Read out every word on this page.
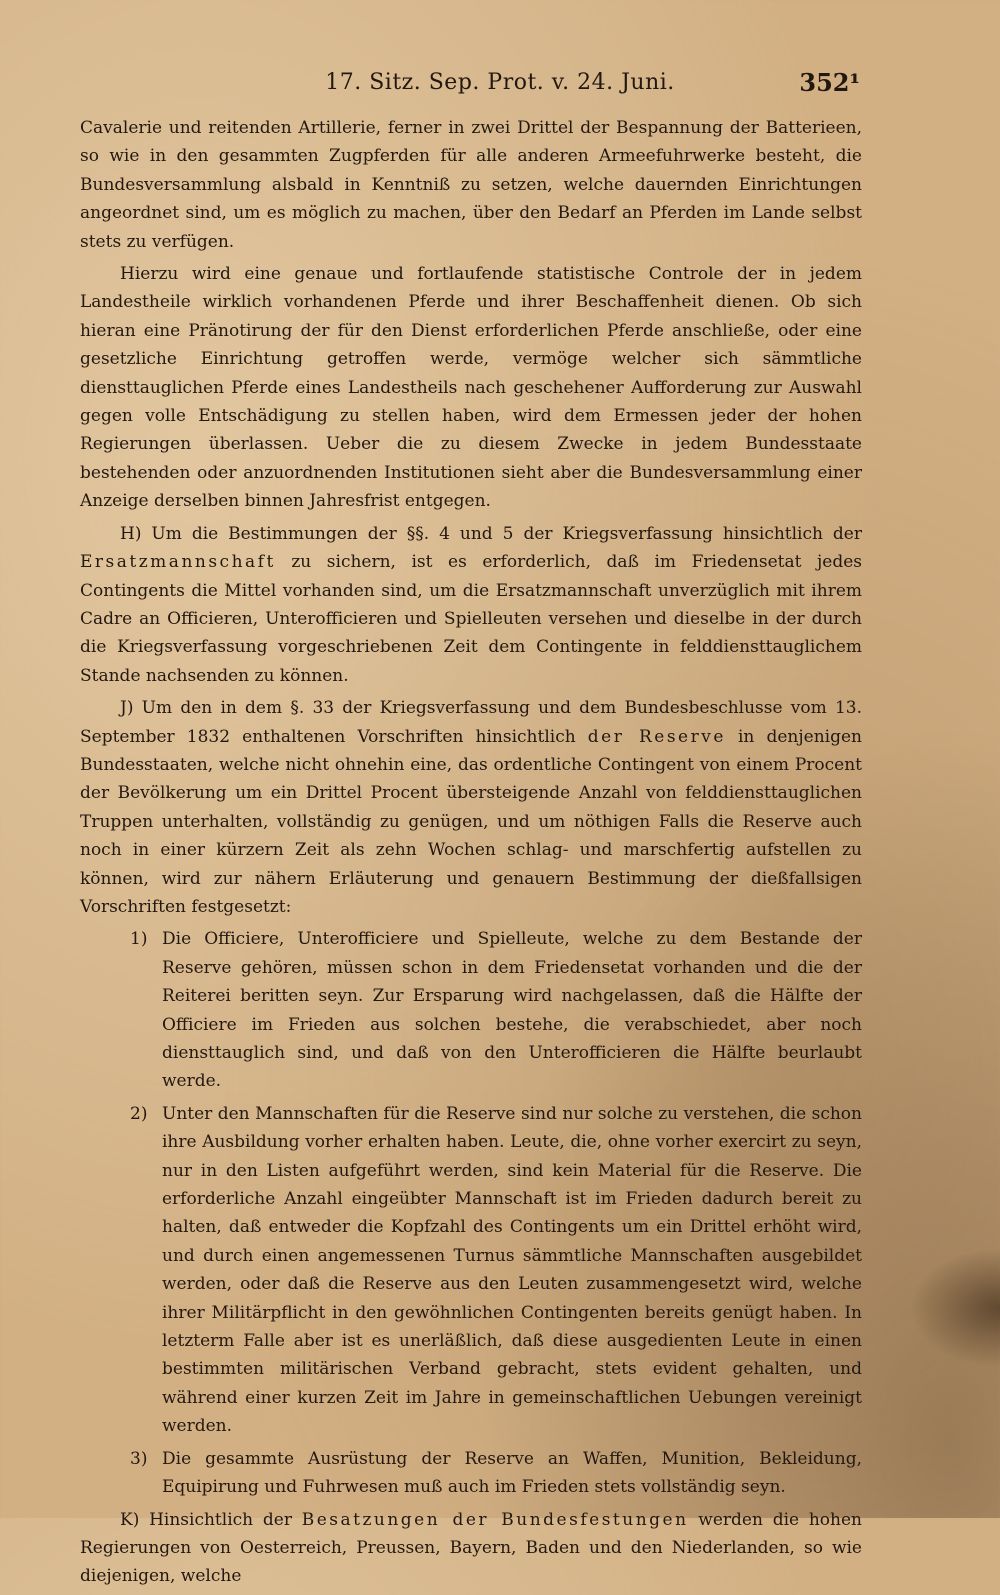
17. Sitz. Sep. Prot. v. 24. Juni.	352¹

Cavalerie und reitenden Artillerie, ferner in zwei Drittel der Bespannung der Batterieen, so wie in den gesammten Zugpferden für alle anderen Armeefuhrwerke besteht, die Bundesversammlung alsbald in Kenntniß zu setzen, welche dauernden Einrichtungen angeordnet sind, um es möglich zu machen, über den Bedarf an Pferden im Lande selbst stets zu verfügen.

Hierzu wird eine genaue und fortlaufende statistische Controle der in jedem Landestheile wirklich vorhandenen Pferde und ihrer Beschaffenheit dienen. Ob sich hieran eine Pränotirung der für den Dienst erforderlichen Pferde anschließe, oder eine gesetzliche Einrichtung getroffen werde, vermöge welcher sich sämmtliche diensttauglichen Pferde eines Landestheils nach geschehener Aufforderung zur Auswahl gegen volle Entschädigung zu stellen haben, wird dem Ermessen jeder der hohen Regierungen überlassen. Ueber die zu diesem Zwecke in jedem Bundesstaate bestehenden oder anzuordnenden Institutionen sieht aber die Bundesversammlung einer Anzeige derselben binnen Jahresfrist entgegen.

H) Um die Bestimmungen der §§. 4 und 5 der Kriegsverfassung hinsichtlich der Ersatzmannschaft zu sichern, ist es erforderlich, daß im Friedensetat jedes Contingents die Mittel vorhanden sind, um die Ersatzmannschaft unverzüglich mit ihrem Cadre an Officieren, Unterofficieren und Spielleuten versehen und dieselbe in der durch die Kriegsverfassung vorgeschriebenen Zeit dem Contingente in felddiensttauglichem Stande nachsenden zu können.

J) Um den in dem §. 33 der Kriegsverfassung und dem Bundesbeschlusse vom 13. September 1832 enthaltenen Vorschriften hinsichtlich der Reserve in denjenigen Bundesstaaten, welche nicht ohnehin eine, das ordentliche Contingent von einem Procent der Bevölkerung um ein Drittel Procent übersteigende Anzahl von felddiensttauglichen Truppen unterhalten, vollständig zu genügen, und um nöthigen Falls die Reserve auch noch in einer kürzern Zeit als zehn Wochen schlag- und marschfertig aufstellen zu können, wird zur nähern Erläuterung und genauern Bestimmung der dießfallsigen Vorschriften festgesetzt:

1) Die Officiere, Unterofficiere und Spielleute, welche zu dem Bestande der Reserve gehören, müssen schon in dem Friedensetat vorhanden und die der Reiterei beritten seyn. Zur Ersparung wird nachgelassen, daß die Hälfte der Officiere im Frieden aus solchen bestehe, die verabschiedet, aber noch diensttauglich sind, und daß von den Unterofficieren die Hälfte beurlaubt werde.

2) Unter den Mannschaften für die Reserve sind nur solche zu verstehen, die schon ihre Ausbildung vorher erhalten haben. Leute, die, ohne vorher exercirt zu seyn, nur in den Listen aufgeführt werden, sind kein Material für die Reserve. Die erforderliche Anzahl eingeübter Mannschaft ist im Frieden dadurch bereit zu halten, daß entweder die Kopfzahl des Contingents um ein Drittel erhöht wird, und durch einen angemessenen Turnus sämmtliche Mannschaften ausgebildet werden, oder daß die Reserve aus den Leuten zusammengesetzt wird, welche ihrer Militärpflicht in den gewöhnlichen Contingenten bereits genügt haben. In letzterm Falle aber ist es unerläßlich, daß diese ausgedienten Leute in einen bestimmten militärischen Verband gebracht, stets evident gehalten, und während einer kurzen Zeit im Jahre in gemeinschaftlichen Uebungen vereinigt werden.

3) Die gesammte Ausrüstung der Reserve an Waffen, Munition, Bekleidung, Equipirung und Fuhrwesen muß auch im Frieden stets vollständig seyn.

K) Hinsichtlich der Besatzungen der Bundesfestungen werden die hohen Regierungen von Oesterreich, Preussen, Bayern, Baden und den Niederlanden, so wie diejenigen, welche
